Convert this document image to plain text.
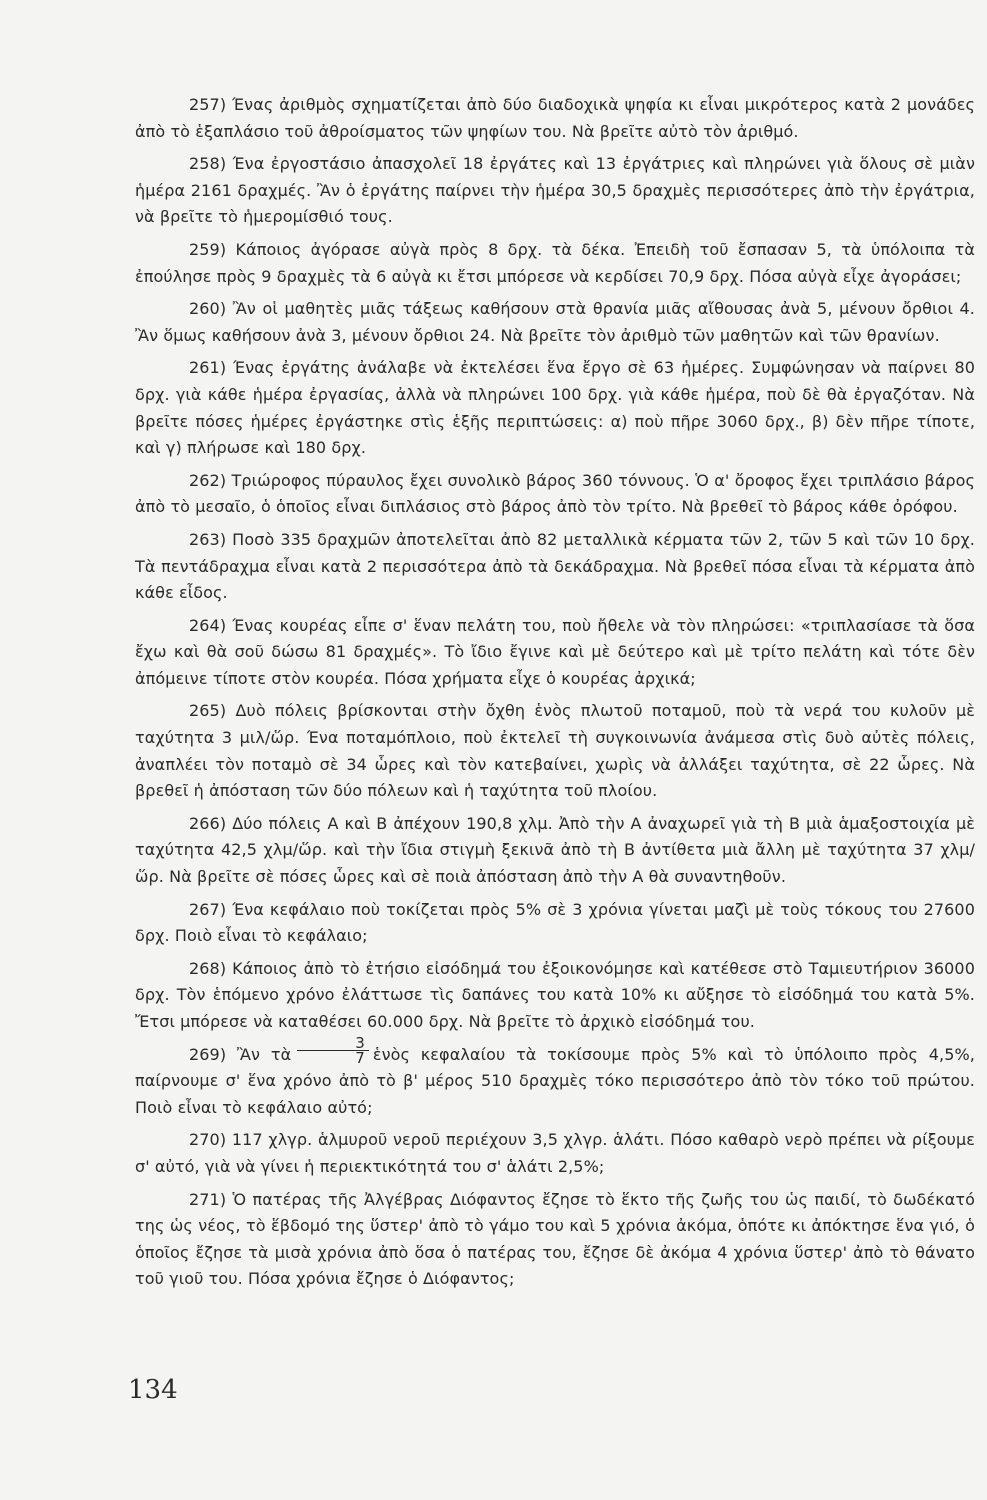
257) Ένας ἀριθμὸς σχηματίζεται ἀπὸ δύο διαδοχικὰ ψηφία κι εἶναι μικρότερος κατὰ 2 μονάδες ἀπὸ τὸ ἑξαπλάσιο τοῦ ἀθροίσματος τῶν ψηφίων του. Νὰ βρεῖτε αὐτὸ τὸν ἀριθμό.

258) Ένα ἐργοστάσιο ἀπασχολεῖ 18 ἐργάτες καὶ 13 ἐργάτριες καὶ πληρώνει γιὰ ὅλους σὲ μιὰν ἡμέρα 2161 δραχμές. Ἂν ὁ ἐργάτης παίρνει τὴν ἡμέρα 30,5 δραχμὲς περισσότερες ἀπὸ τὴν ἐργάτρια, νὰ βρεῖτε τὸ ἡμερομίσθιό τους.

259) Κάποιος ἀγόρασε αὐγὰ πρὸς 8 δρχ. τὰ δέκα. Ἐπειδὴ τοῦ ἔσπασαν 5, τὰ ὑπόλοιπα τὰ ἐπούλησε πρὸς 9 δραχμὲς τὰ 6 αὐγὰ κι ἔτσι μπόρεσε νὰ κερδίσει 70,9 δρχ. Πόσα αὐγὰ εἶχε ἀγοράσει;

260) Ἂν οἱ μαθητὲς μιᾶς τάξεως καθήσουν στὰ θρανία μιᾶς αἴθουσας ἀνὰ 5, μένουν ὄρθιοι 4. Ἂν ὅμως καθήσουν ἀνὰ 3, μένουν ὄρθιοι 24. Νὰ βρεῖτε τὸν ἀριθμὸ τῶν μαθητῶν καὶ τῶν θρανίων.

261) Ένας ἐργάτης ἀνάλαβε νὰ ἐκτελέσει ἕνα ἔργο σὲ 63 ἡμέρες. Συμφώνησαν νὰ παίρνει 80 δρχ. γιὰ κάθε ἡμέρα ἐργασίας, ἀλλὰ νὰ πληρώνει 100 δρχ. γιὰ κάθε ἡμέρα, ποὺ δὲ θὰ ἐργαζόταν. Νὰ βρεῖτε πόσες ἡμέρες ἐργάστηκε στὶς ἑξῆς περιπτώσεις: α) ποὺ πῆρε 3060 δρχ., β) δὲν πῆρε τίποτε, καὶ γ) πλήρωσε καὶ 180 δρχ.

262) Τριώροφος πύραυλος ἔχει συνολικὸ βάρος 360 τόννους. Ὁ α' ὄροφος ἔχει τριπλάσιο βάρος ἀπὸ τὸ μεσαῖο, ὁ ὁποῖος εἶναι διπλάσιος στὸ βάρος ἀπὸ τὸν τρίτο. Νὰ βρεθεῖ τὸ βάρος κάθε ὀρόφου.

263) Ποσὸ 335 δραχμῶν ἀποτελεῖται ἀπὸ 82 μεταλλικὰ κέρματα τῶν 2, τῶν 5 καὶ τῶν 10 δρχ. Τὰ πεντάδραχμα εἶναι κατὰ 2 περισσότερα ἀπὸ τὰ δεκάδραχμα. Νὰ βρεθεῖ πόσα εἶναι τὰ κέρματα ἀπὸ κάθε εἶδος.

264) Ένας κουρέας εἶπε σ' ἕναν πελάτη του, ποὺ ἤθελε νὰ τὸν πληρώσει: «τριπλασίασε τὰ ὅσα ἔχω καὶ θὰ σοῦ δώσω 81 δραχμές». Τὸ ἴδιο ἔγινε καὶ μὲ δεύτερο καὶ μὲ τρίτο πελάτη καὶ τότε δὲν ἀπόμεινε τίποτε στὸν κουρέα. Πόσα χρήματα εἶχε ὁ κουρέας ἀρχικά;

265) Δυὸ πόλεις βρίσκονται στὴν ὄχθη ἑνὸς πλωτοῦ ποταμοῦ, ποὺ τὰ νερά του κυλοῦν μὲ ταχύτητα 3 μιλ/ὥρ. Ένα ποταμόπλοιο, ποὺ ἐκτελεῖ τὴ συγκοινωνία ἀνάμεσα στὶς δυὸ αὐτὲς πόλεις, ἀναπλέει τὸν ποταμὸ σὲ 34 ὧρες καὶ τὸν κατεβαίνει, χωρὶς νὰ ἀλλάξει ταχύτητα, σὲ 22 ὧρες. Νὰ βρεθεῖ ἡ ἀπόσταση τῶν δύο πόλεων καὶ ἡ ταχύτητα τοῦ πλοίου.

266) Δύο πόλεις Α καὶ Β ἀπέχουν 190,8 χλμ. Ἀπὸ τὴν Α ἀναχωρεῖ γιὰ τὴ Β μιὰ ἁμαξοστοιχία μὲ ταχύτητα 42,5 χλμ/ὥρ. καὶ τὴν ἴδια στιγμὴ ξεκινᾶ ἀπὸ τὴ Β ἀντίθετα μιὰ ἄλλη μὲ ταχύτητα 37 χλμ/ὥρ. Νὰ βρεῖτε σὲ πόσες ὧρες καὶ σὲ ποιὰ ἀπόσταση ἀπὸ τὴν Α θὰ συναντηθοῦν.

267) Ένα κεφάλαιο ποὺ τοκίζεται πρὸς 5% σὲ 3 χρόνια γίνεται μαζὶ μὲ τοὺς τόκους του 27600 δρχ. Ποιὸ εἶναι τὸ κεφάλαιο;

268) Κάποιος ἀπὸ τὸ ἐτήσιο εἰσόδημά του ἐξοικονόμησε καὶ κατέθεσε στὸ Ταμιευτήριον 36000 δρχ. Τὸν ἑπόμενο χρόνο ἐλάττωσε τὶς δαπάνες του κατὰ 10% κι αὔξησε τὸ εἰσόδημά του κατὰ 5%. Ἔτσι μπόρεσε νὰ καταθέσει 60.000 δρχ. Νὰ βρεῖτε τὸ ἀρχικὸ εἰσόδημά του.

269) Ἂν τὰ $\frac{3}{7}$ ἑνὸς κεφαλαίου τὰ τοκίσουμε πρὸς 5% καὶ τὸ ὑπόλοιπο πρὸς 4,5%, παίρνουμε σ' ἕνα χρόνο ἀπὸ τὸ β' μέρος 510 δραχμὲς τόκο περισσότερο ἀπὸ τὸν τόκο τοῦ πρώτου. Ποιὸ εἶναι τὸ κεφάλαιο αὐτό;

270) 117 χλγρ. ἁλμυροῦ νεροῦ περιέχουν 3,5 χλγρ. ἁλάτι. Πόσο καθαρὸ νερὸ πρέπει νὰ ρίξουμε σ' αὐτό, γιὰ νὰ γίνει ἡ περιεκτικότητά του σ' ἁλάτι 2,5%;

271) Ὁ πατέρας τῆς Ἀλγέβρας Διόφαντος ἔζησε τὸ ἕκτο τῆς ζωῆς του ὡς παιδί, τὸ δωδέκατό της ὡς νέος, τὸ ἕβδομό της ὕστερ' ἀπὸ τὸ γάμο του καὶ 5 χρόνια ἀκόμα, ὁπότε κι ἀπόκτησε ἕνα γιό, ὁ ὁποῖος ἔζησε τὰ μισὰ χρόνια ἀπὸ ὅσα ὁ πατέρας του, ἔζησε δὲ ἀκόμα 4 χρόνια ὕστερ' ἀπὸ τὸ θάνατο τοῦ γιοῦ του. Πόσα χρόνια ἔζησε ὁ Διόφαντος;

134
